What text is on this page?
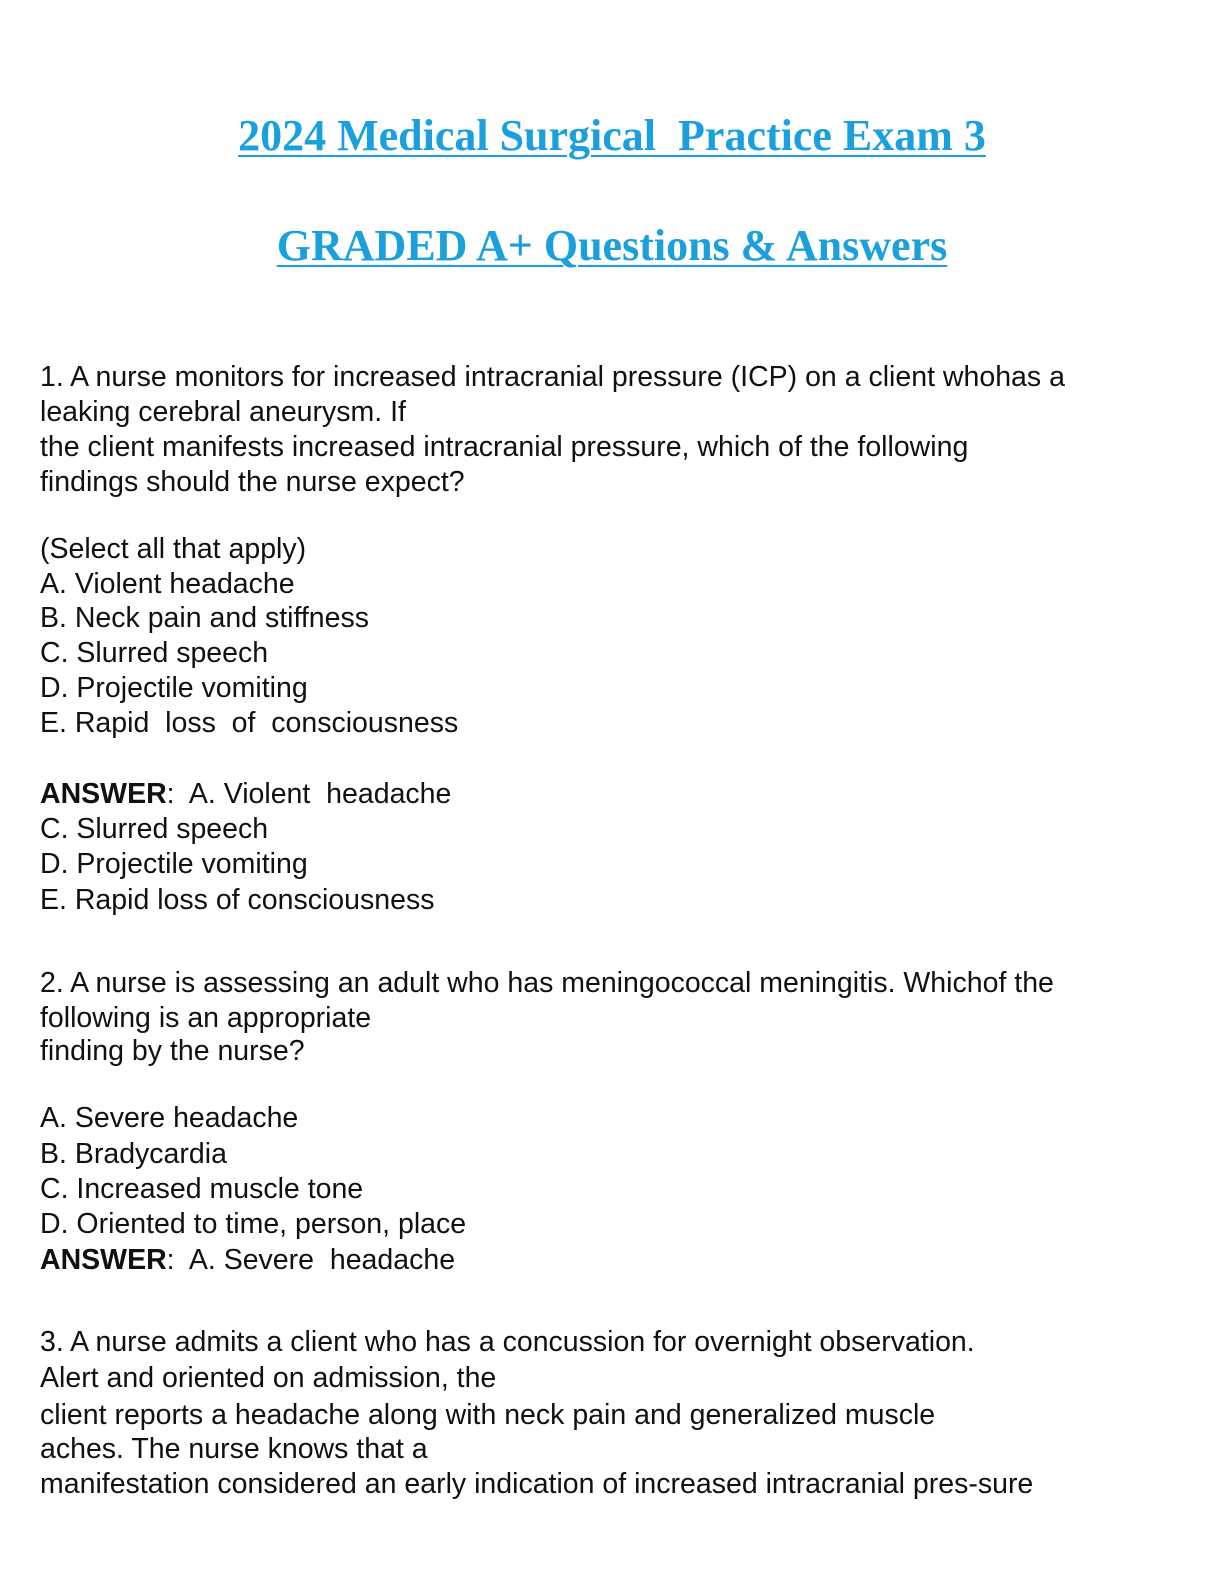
2024 Medical Surgical  Practice Exam 3
GRADED A+ Questions & Answers

1. A nurse monitors for increased intracranial pressure (ICP) on a client whohas a

leaking cerebral aneurysm. If

the client manifests increased intracranial pressure, which of the following

findings should the nurse expect?

(Select all that apply)

A. Violent headache

B. Neck pain and stiffness

C. Slurred speech

D. Projectile vomiting

E. Rapid  loss  of  consciousness

ANSWER:  A. Violent  headache

C. Slurred speech

D. Projectile vomiting

E. Rapid loss of consciousness

2. A nurse is assessing an adult who has meningococcal meningitis. Whichof the

following is an appropriate

finding by the nurse?

A. Severe headache

B. Bradycardia

C. Increased muscle tone

D. Oriented to time, person, place

ANSWER:  A. Severe  headache

3. A nurse admits a client who has a concussion for overnight observation.

Alert and oriented on admission, the

client reports a headache along with neck pain and generalized muscle

aches. The nurse knows that a

manifestation considered an early indication of increased intracranial pres-sure
